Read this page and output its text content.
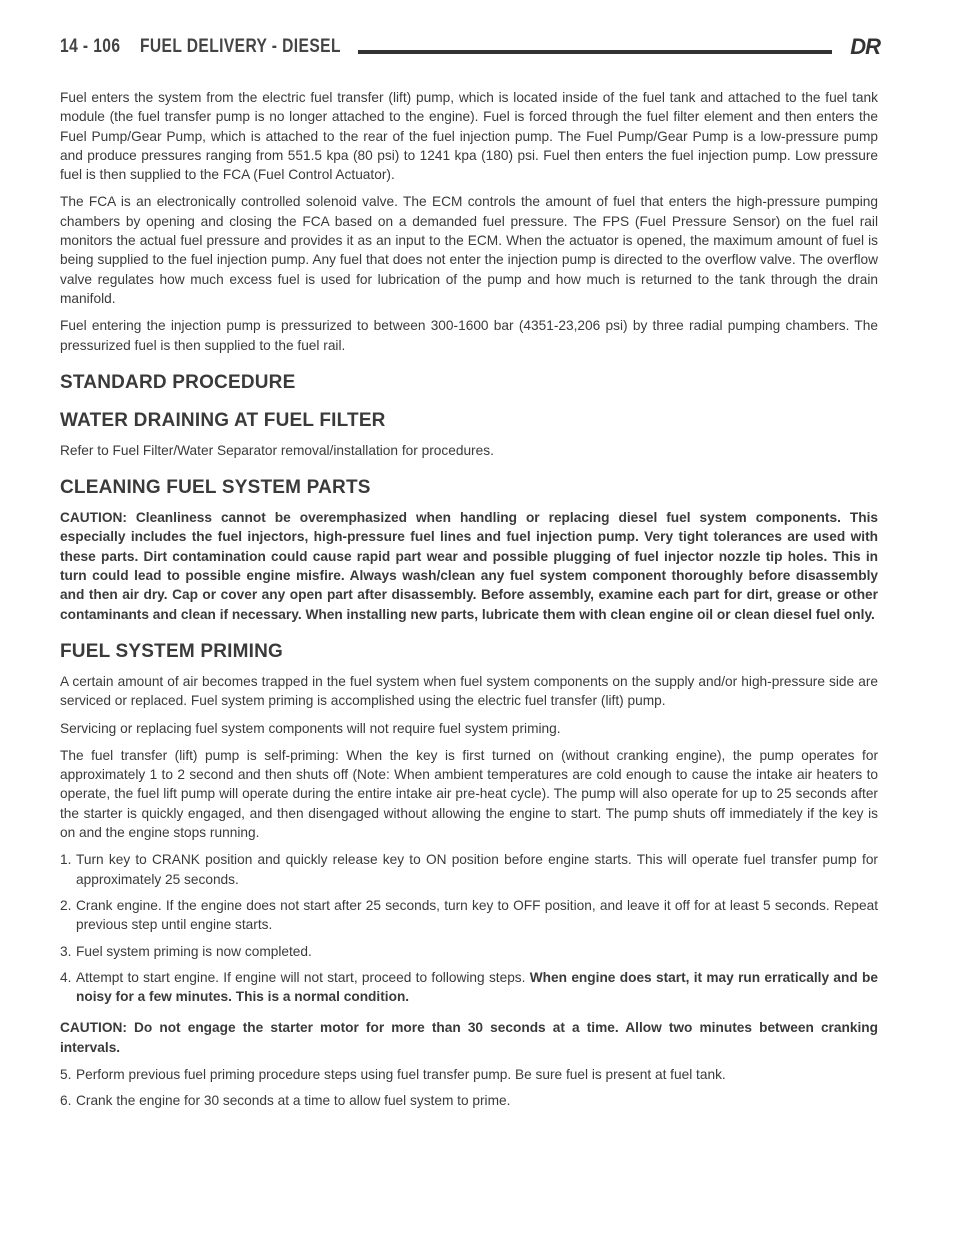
14 - 106 FUEL DELIVERY - DIESEL	DR

Fuel enters the system from the electric fuel transfer (lift) pump, which is located inside of the fuel tank and attached to the fuel tank module (the fuel transfer pump is no longer attached to the engine). Fuel is forced through the fuel filter element and then enters the Fuel Pump/Gear Pump, which is attached to the rear of the fuel injection pump. The Fuel Pump/Gear Pump is a low-pressure pump and produce pressures ranging from 551.5 kpa (80 psi) to 1241 kpa (180) psi. Fuel then enters the fuel injection pump. Low pressure fuel is then supplied to the FCA (Fuel Control Actuator).

The FCA is an electronically controlled solenoid valve. The ECM controls the amount of fuel that enters the high-pressure pumping chambers by opening and closing the FCA based on a demanded fuel pressure. The FPS (Fuel Pressure Sensor) on the fuel rail monitors the actual fuel pressure and provides it as an input to the ECM. When the actuator is opened, the maximum amount of fuel is being supplied to the fuel injection pump. Any fuel that does not enter the injection pump is directed to the overflow valve. The overflow valve regulates how much excess fuel is used for lubrication of the pump and how much is returned to the tank through the drain manifold.

Fuel entering the injection pump is pressurized to between 300-1600 bar (4351-23,206 psi) by three radial pumping chambers. The pressurized fuel is then supplied to the fuel rail.

STANDARD PROCEDURE
WATER DRAINING AT FUEL FILTER

Refer to Fuel Filter/Water Separator removal/installation for procedures.

CLEANING FUEL SYSTEM PARTS

CAUTION: Cleanliness cannot be overemphasized when handling or replacing diesel fuel system components. This especially includes the fuel injectors, high-pressure fuel lines and fuel injection pump. Very tight tolerances are used with these parts. Dirt contamination could cause rapid part wear and possible plugging of fuel injector nozzle tip holes. This in turn could lead to possible engine misfire. Always wash/clean any fuel system component thoroughly before disassembly and then air dry. Cap or cover any open part after disassembly. Before assembly, examine each part for dirt, grease or other contaminants and clean if necessary. When installing new parts, lubricate them with clean engine oil or clean diesel fuel only.

FUEL SYSTEM PRIMING

A certain amount of air becomes trapped in the fuel system when fuel system components on the supply and/or high-pressure side are serviced or replaced. Fuel system priming is accomplished using the electric fuel transfer (lift) pump.

Servicing or replacing fuel system components will not require fuel system priming.

The fuel transfer (lift) pump is self-priming: When the key is first turned on (without cranking engine), the pump operates for approximately 1 to 2 second and then shuts off (Note: When ambient temperatures are cold enough to cause the intake air heaters to operate, the fuel lift pump will operate during the entire intake air pre-heat cycle). The pump will also operate for up to 25 seconds after the starter is quickly engaged, and then disengaged without allowing the engine to start. The pump shuts off immediately if the key is on and the engine stops running.

1. Turn key to CRANK position and quickly release key to ON position before engine starts. This will operate fuel transfer pump for approximately 25 seconds.
2. Crank engine. If the engine does not start after 25 seconds, turn key to OFF position, and leave it off for at least 5 seconds. Repeat previous step until engine starts.
3. Fuel system priming is now completed.
4. Attempt to start engine. If engine will not start, proceed to following steps. When engine does start, it may run erratically and be noisy for a few minutes. This is a normal condition.

CAUTION: Do not engage the starter motor for more than 30 seconds at a time. Allow two minutes between cranking intervals.

5. Perform previous fuel priming procedure steps using fuel transfer pump. Be sure fuel is present at fuel tank.
6. Crank the engine for 30 seconds at a time to allow fuel system to prime.
